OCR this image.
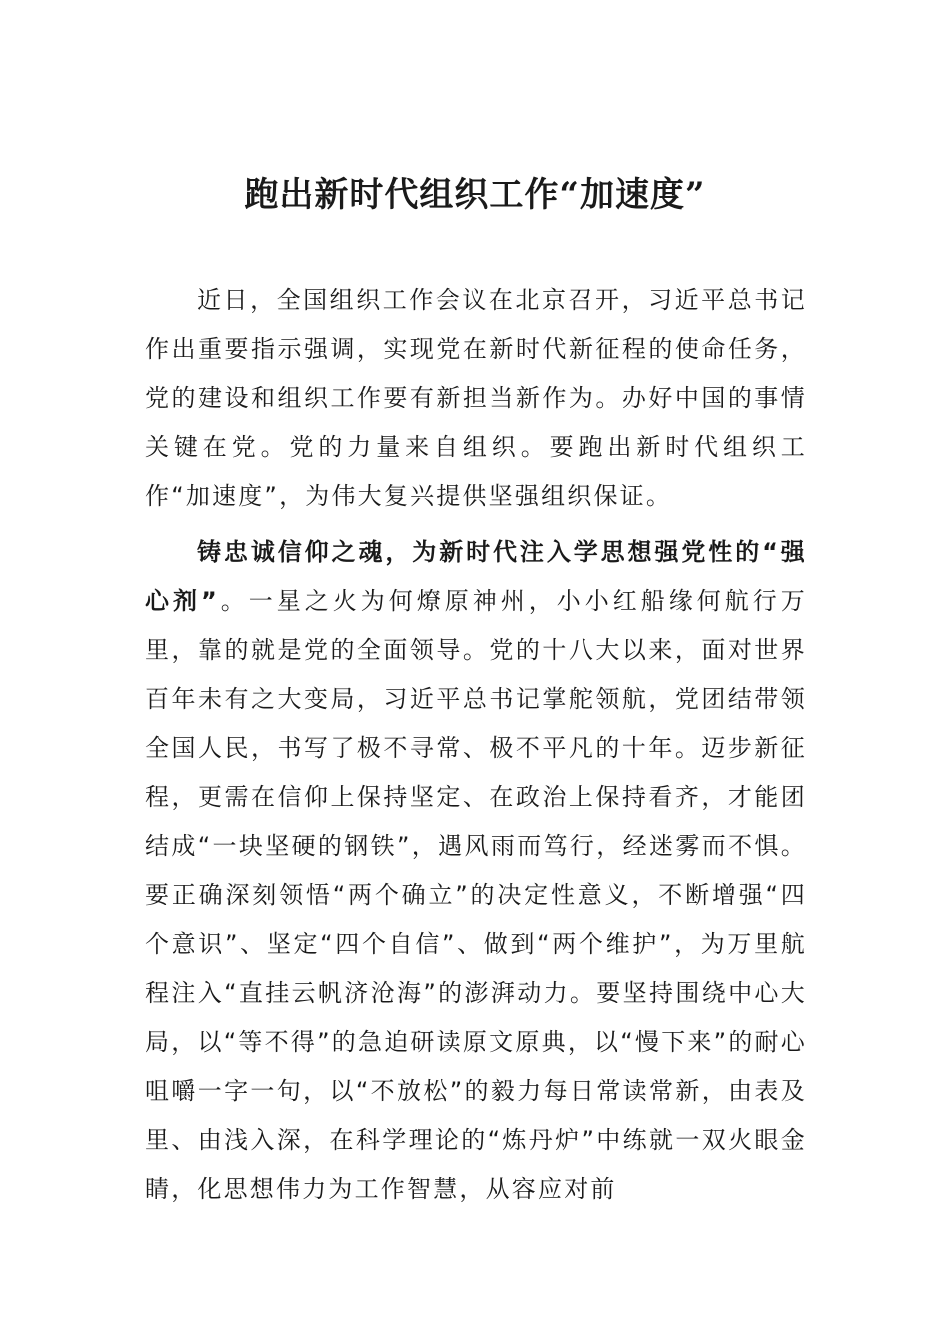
跑出新时代组织工作“加速度”

近日，全国组织工作会议在北京召开，习近平总书记作出重要指示强调，实现党在新时代新征程的使命任务，党的建设和组织工作要有新担当新作为。办好中国的事情关键在党。党的力量来自组织。要跑出新时代组织工作“加速度”，为伟大复兴提供坚强组织保证。

铸忠诚信仰之魂，为新时代注入学思想强党性的“强心剂”。一星之火为何燎原神州，小小红船缘何航行万里，靠的就是党的全面领导。党的十八大以来，面对世界百年未有之大变局，习近平总书记掌舵领航，党团结带领全国人民，书写了极不寻常、极不平凡的十年。迈步新征程，更需在信仰上保持坚定、在政治上保持看齐，才能团结成“一块坚硬的钢铁”，遇风雨而笃行，经迷雾而不惧。要正确深刻领悟“两个确立”的决定性意义，不断增强“四个意识”、坚定“四个自信”、做到“两个维护”，为万里航程注入“直挂云帆济沧海”的澎湃动力。要坚持围绕中心大局，以“等不得”的急迫研读原文原典，以“慢下来”的耐心咀嚼一字一句，以“不放松”的毅力每日常读常新，由表及里、由浅入深，在科学理论的“炼丹炉”中练就一双火眼金睛，化思想伟力为工作智慧，从容应对前
